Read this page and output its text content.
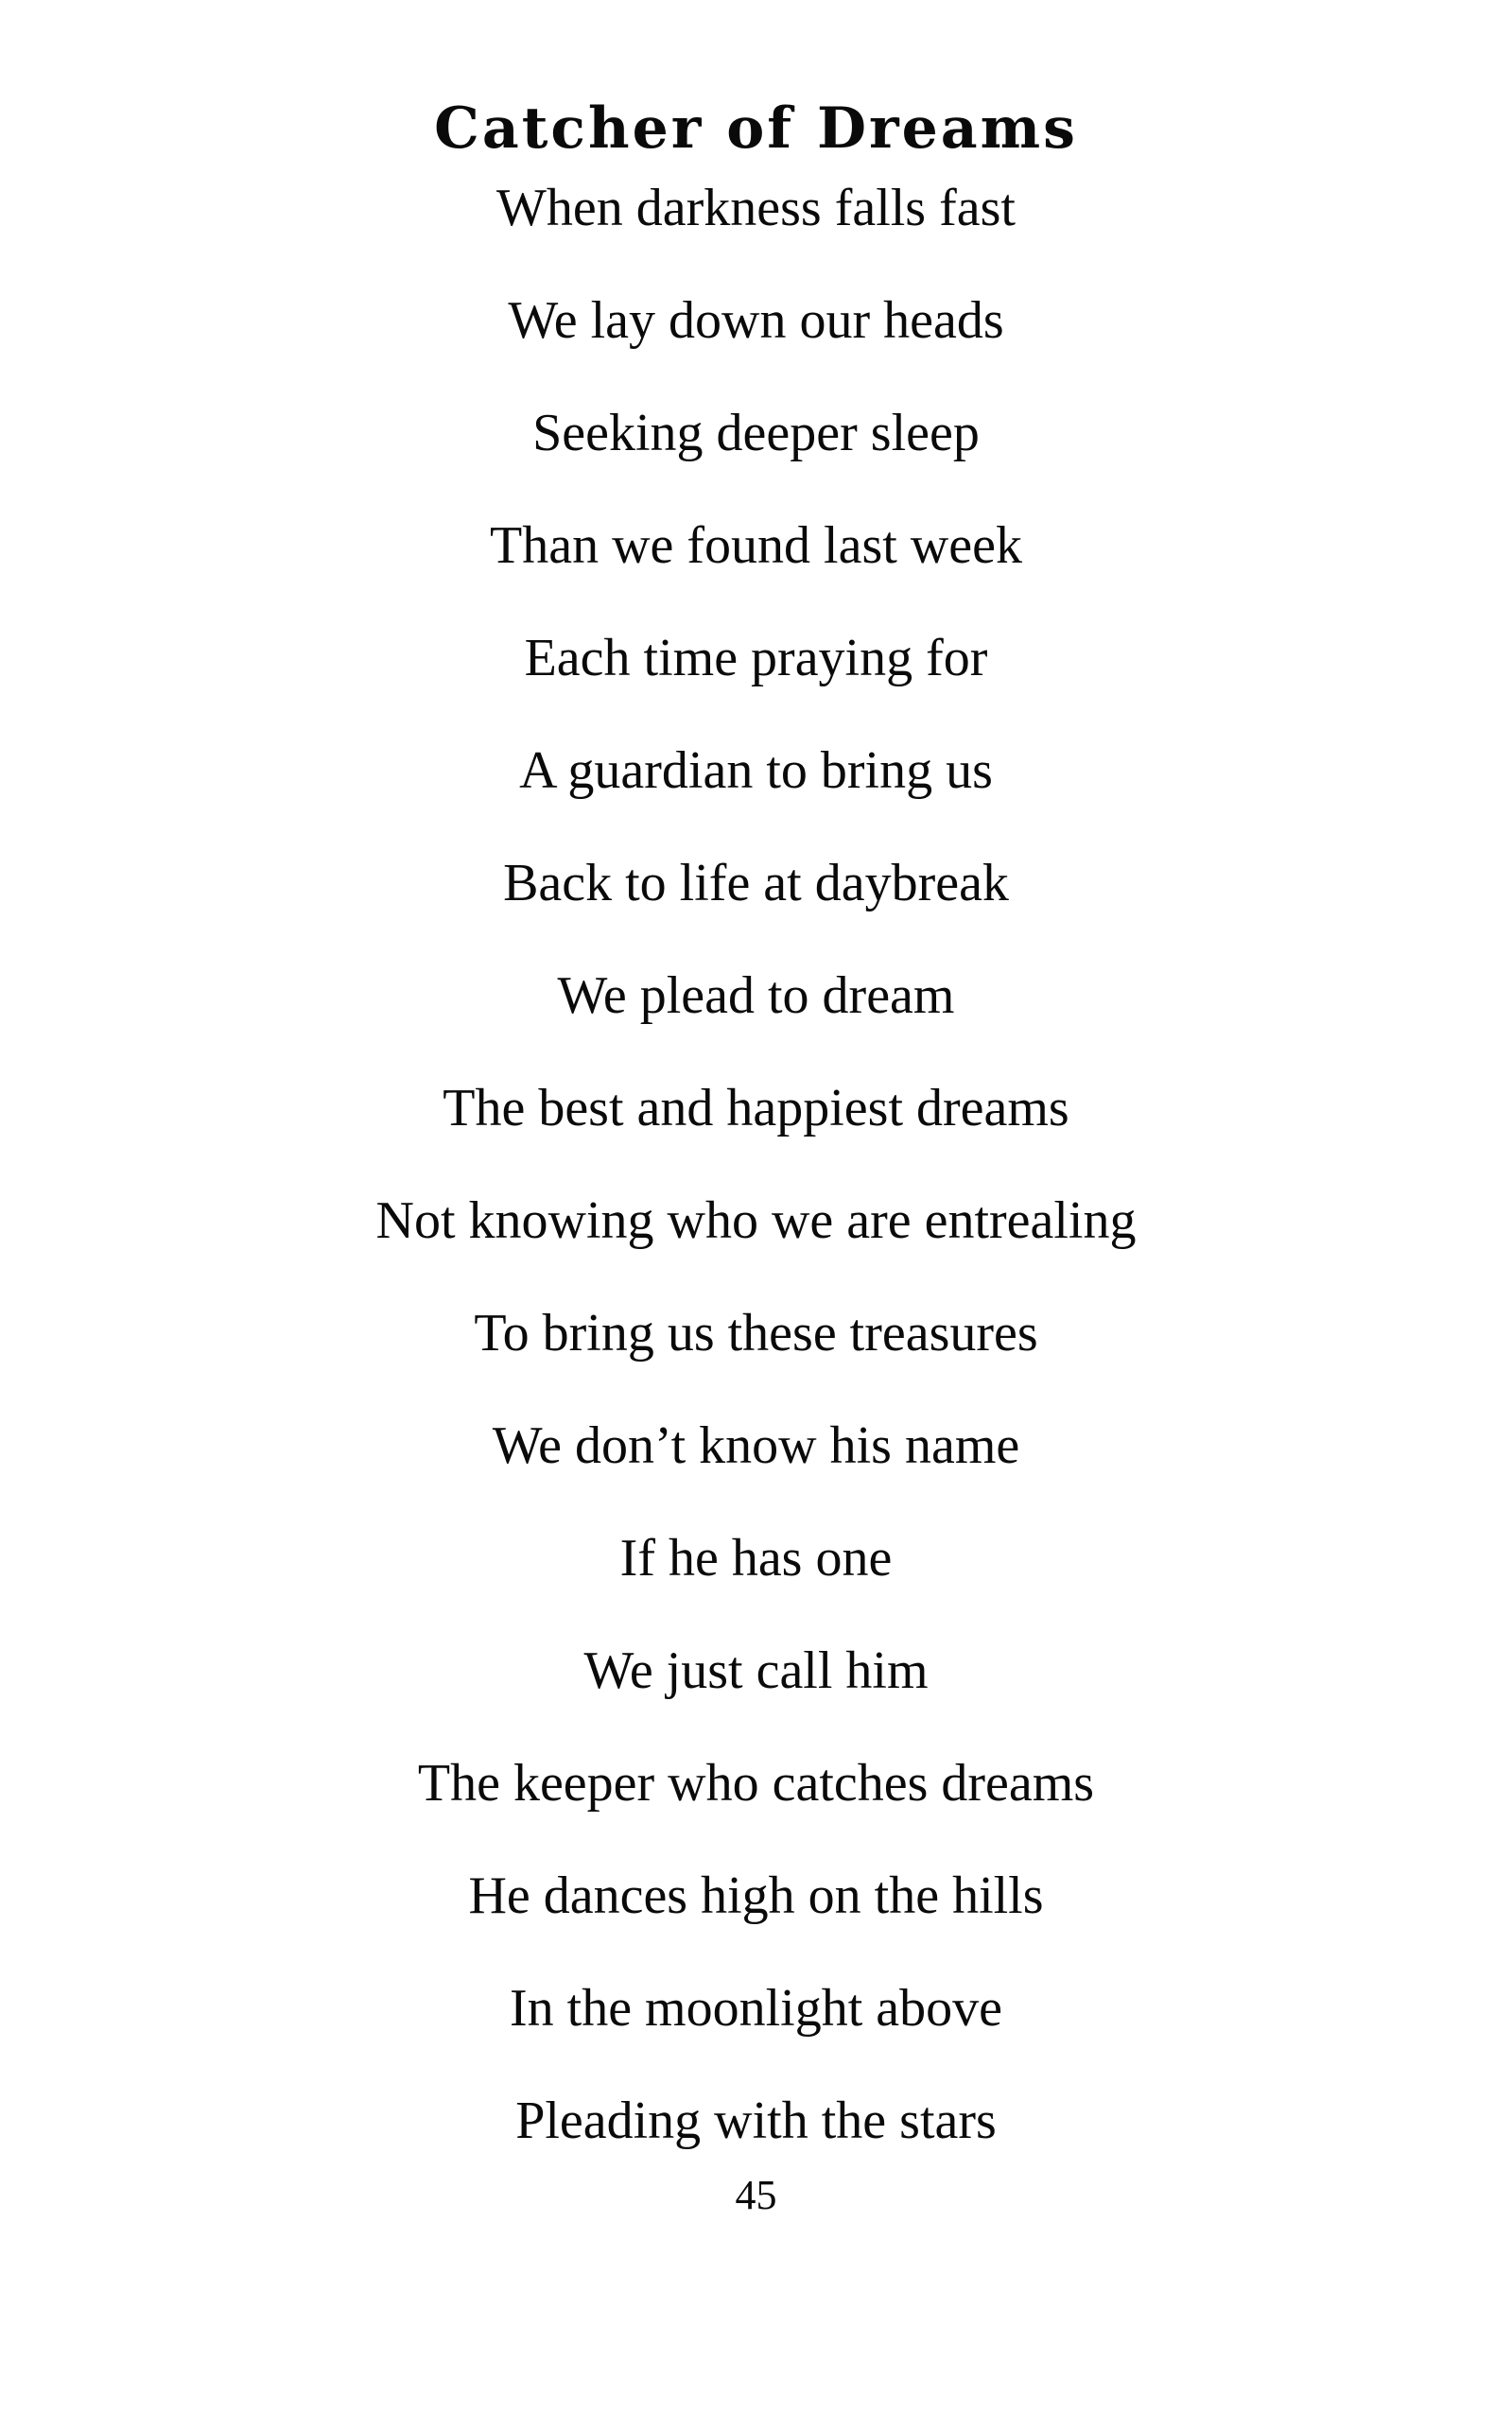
Catcher of Dreams
When darkness falls fast
We lay down our heads
Seeking deeper sleep
Than we found last week
Each time praying for
A guardian to bring us
Back to life at daybreak
We plead to dream
The best and happiest dreams
Not knowing who we are entrealing
To bring us these treasures
We don’t know his name
If he has one
We just call him
The keeper who catches dreams
He dances high on the hills
In the moonlight above
Pleading with the stars
45
